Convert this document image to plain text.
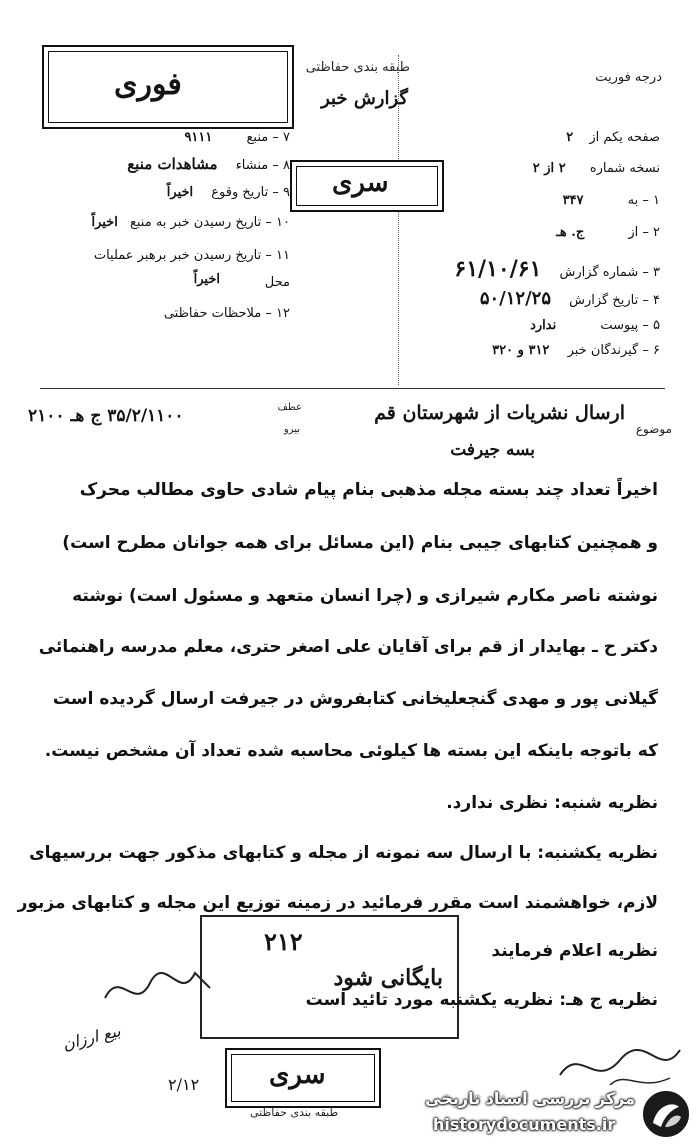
فوری	طبقه بندی حفاظتی
گزارش خبر
درجه فوریت
سری
صفحه یکم از ۲
نسخه شماره ۲ از ۲
۱ – به ۳۴۷
۲ – از ج. هـ
۳ – شماره گزارش ۶۱/۱۰/۶۱
۴ – تاریخ گزارش ۵۰/۱۲/۲۵
۵ – پیوست ندارد
۶ – گیرندگان خبر ۳۱۲ و ۳۲۰
۷ – منبع ۹۱۱۱
۸ – منشاء مشاهدات منبع
۹ – تاریخ وقوع اخیراً
۱۰ – تاریخ رسیدن خبر به منبع اخیراً
۱۱ – تاریخ رسیدن خبر برهبر عملیات
اخیراً	محل
۱۲ – ملاحظات حفاظتی
موضوع
ارسال نشریات از شهرستان قم
بسه جیرفت
عطف
بیرو
۳۵/۲/۱۱۰۰ ج هـ ۲۱۰۰
اخیراً تعداد چند بسته مجله مذهبی بنام پیام شادی حاوی مطالب محرک
و همچنین کتابهای جیبی بنام (این مسائل برای همه جوانان مطرح است)
نوشته ناصر مکارم شیرازی و (چرا انسان متعهد و مسئول است) نوشته
دکتر ح ـ بهایدار از قم برای آقایان علی اصغر حتری، معلم مدرسه راهنمائی
گیلانی پور و مهدی گنجعلیخانی کتابفروش در جیرفت ارسال گردیده است
که باتوجه باینکه این بسته ها کیلوئی محاسبه شده تعداد آن مشخص نیست.
نظریه شنبه: نظری ندارد.
نظریه یکشنبه: با ارسال سه نمونه از مجله و کتابهای مذکور جهت بررسیهای
لازم، خواهشمند است مقرر فرمائید در زمینه توزیع این مجله و کتابهای مزبور
نظریه اعلام فرمایند
نظریه ج هـ: نظریه یکشنبه مورد تائید است
۲۱۲
بایگانی شود
بیع ارزان
۲/۱۲	سری
طبقه بندی حفاظتی
مرکز بررسی اسناد تاریخی
historydocuments.ir
